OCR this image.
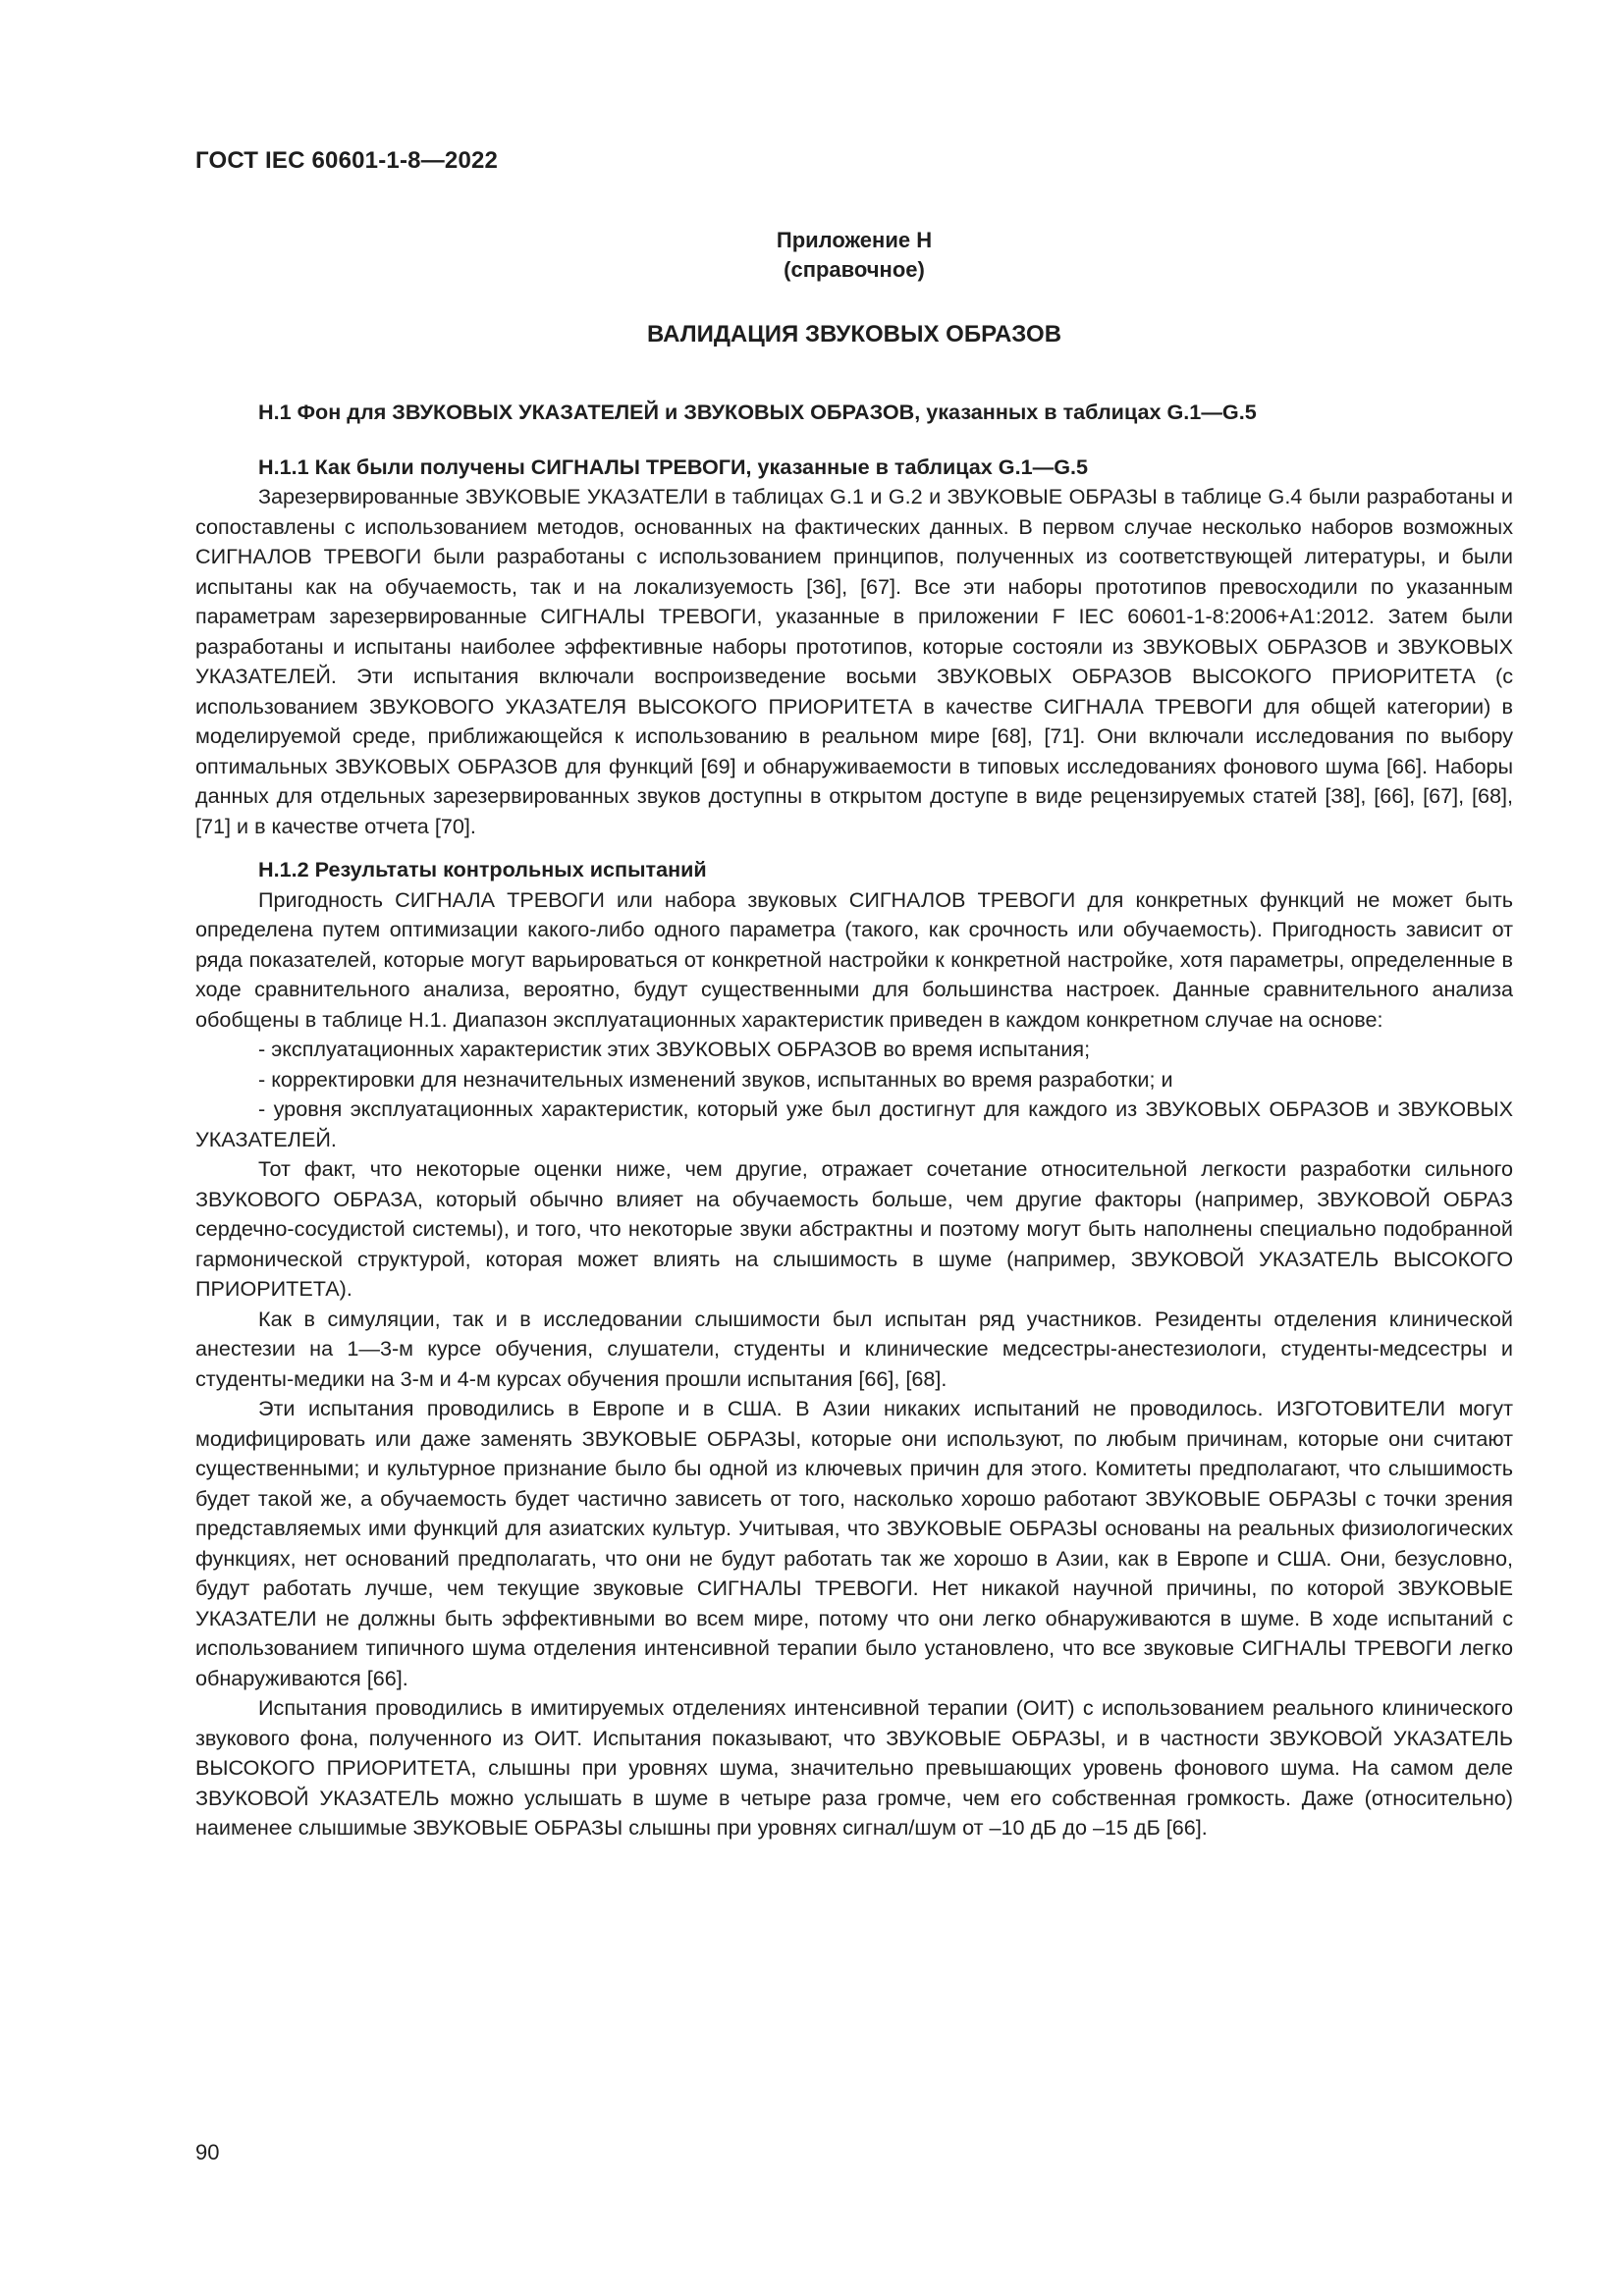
ГОСТ IEC 60601-1-8—2022
Приложение Н
(справочное)
ВАЛИДАЦИЯ ЗВУКОВЫХ ОБРАЗОВ
Н.1 Фон для ЗВУКОВЫХ УКАЗАТЕЛЕЙ и ЗВУКОВЫХ ОБРАЗОВ, указанных в таблицах G.1—G.5
Н.1.1 Как были получены СИГНАЛЫ ТРЕВОГИ, указанные в таблицах G.1—G.5

Зарезервированные ЗВУКОВЫЕ УКАЗАТЕЛИ в таблицах G.1 и G.2 и ЗВУКОВЫЕ ОБРАЗЫ в таблице G.4 были разработаны и сопоставлены с использованием методов, основанных на фактических данных. В первом случае несколько наборов возможных СИГНАЛОВ ТРЕВОГИ были разработаны с использованием принципов, полученных из соответствующей литературы, и были испытаны как на обучаемость, так и на локализуемость [36], [67]. Все эти наборы прототипов превосходили по указанным параметрам зарезервированные СИГНАЛЫ ТРЕВОГИ, указанные в приложении F IEC 60601-1-8:2006+A1:2012. Затем были разработаны и испытаны наиболее эффективные наборы прототипов, которые состояли из ЗВУКОВЫХ ОБРАЗОВ и ЗВУКОВЫХ УКАЗАТЕЛЕЙ. Эти испытания включали воспроизведение восьми ЗВУКОВЫХ ОБРАЗОВ ВЫСОКОГО ПРИОРИТЕТА (с использованием ЗВУКОВОГО УКАЗАТЕЛЯ ВЫСОКОГО ПРИОРИТЕТА в качестве СИГНАЛА ТРЕВОГИ для общей категории) в моделируемой среде, приближающейся к использованию в реальном мире [68], [71]. Они включали исследования по выбору оптимальных ЗВУКОВЫХ ОБРАЗОВ для функций [69] и обнаруживаемости в типовых исследованиях фонового шума [66]. Наборы данных для отдельных зарезервированных звуков доступны в открытом доступе в виде рецензируемых статей [38], [66], [67], [68], [71] и в качестве отчета [70].

Н.1.2 Результаты контрольных испытаний

Пригодность СИГНАЛА ТРЕВОГИ или набора звуковых СИГНАЛОВ ТРЕВОГИ для конкретных функций не может быть определена путем оптимизации какого-либо одного параметра (такого, как срочность или обучаемость). Пригодность зависит от ряда показателей, которые могут варьироваться от конкретной настройки к конкретной настройке, хотя параметры, определенные в ходе сравнительного анализа, вероятно, будут существенными для большинства настроек. Данные сравнительного анализа обобщены в таблице Н.1. Диапазон эксплуатационных характеристик приведен в каждом конкретном случае на основе:

- эксплуатационных характеристик этих ЗВУКОВЫХ ОБРАЗОВ во время испытания;

- корректировки для незначительных изменений звуков, испытанных во время разработки; и

- уровня эксплуатационных характеристик, который уже был достигнут для каждого из ЗВУКОВЫХ ОБРАЗОВ и ЗВУКОВЫХ УКАЗАТЕЛЕЙ.

Тот факт, что некоторые оценки ниже, чем другие, отражает сочетание относительной легкости разработки сильного ЗВУКОВОГО ОБРАЗА, который обычно влияет на обучаемость больше, чем другие факторы (например, ЗВУКОВОЙ ОБРАЗ сердечно-сосудистой системы), и того, что некоторые звуки абстрактны и поэтому могут быть наполнены специально подобранной гармонической структурой, которая может влиять на слышимость в шуме (например, ЗВУКОВОЙ УКАЗАТЕЛЬ ВЫСОКОГО ПРИОРИТЕТА).

Как в симуляции, так и в исследовании слышимости был испытан ряд участников. Резиденты отделения клинической анестезии на 1—3-м курсе обучения, слушатели, студенты и клинические медсестры-анестезиологи, студенты-медсестры и студенты-медики на 3-м и 4-м курсах обучения прошли испытания [66], [68].

Эти испытания проводились в Европе и в США. В Азии никаких испытаний не проводилось. ИЗГОТОВИТЕЛИ могут модифицировать или даже заменять ЗВУКОВЫЕ ОБРАЗЫ, которые они используют, по любым причинам, которые они считают существенными; и культурное признание было бы одной из ключевых причин для этого. Комитеты предполагают, что слышимость будет такой же, а обучаемость будет частично зависеть от того, насколько хорошо работают ЗВУКОВЫЕ ОБРАЗЫ с точки зрения представляемых ими функций для азиатских культур. Учитывая, что ЗВУКОВЫЕ ОБРАЗЫ основаны на реальных физиологических функциях, нет оснований предполагать, что они не будут работать так же хорошо в Азии, как в Европе и США. Они, безусловно, будут работать лучше, чем текущие звуковые СИГНАЛЫ ТРЕВОГИ. Нет никакой научной причины, по которой ЗВУКОВЫЕ УКАЗАТЕЛИ не должны быть эффективными во всем мире, потому что они легко обнаруживаются в шуме. В ходе испытаний с использованием типичного шума отделения интенсивной терапии было установлено, что все звуковые СИГНАЛЫ ТРЕВОГИ легко обнаруживаются [66].

Испытания проводились в имитируемых отделениях интенсивной терапии (ОИТ) с использованием реального клинического звукового фона, полученного из ОИТ. Испытания показывают, что ЗВУКОВЫЕ ОБРАЗЫ, и в частности ЗВУКОВОЙ УКАЗАТЕЛЬ ВЫСОКОГО ПРИОРИТЕТА, слышны при уровнях шума, значительно превышающих уровень фонового шума. На самом деле ЗВУКОВОЙ УКАЗАТЕЛЬ можно услышать в шуме в четыре раза громче, чем его собственная громкость. Даже (относительно) наименее слышимые ЗВУКОВЫЕ ОБРАЗЫ слышны при уровнях сигнал/шум от –10 дБ до –15 дБ [66].

90
